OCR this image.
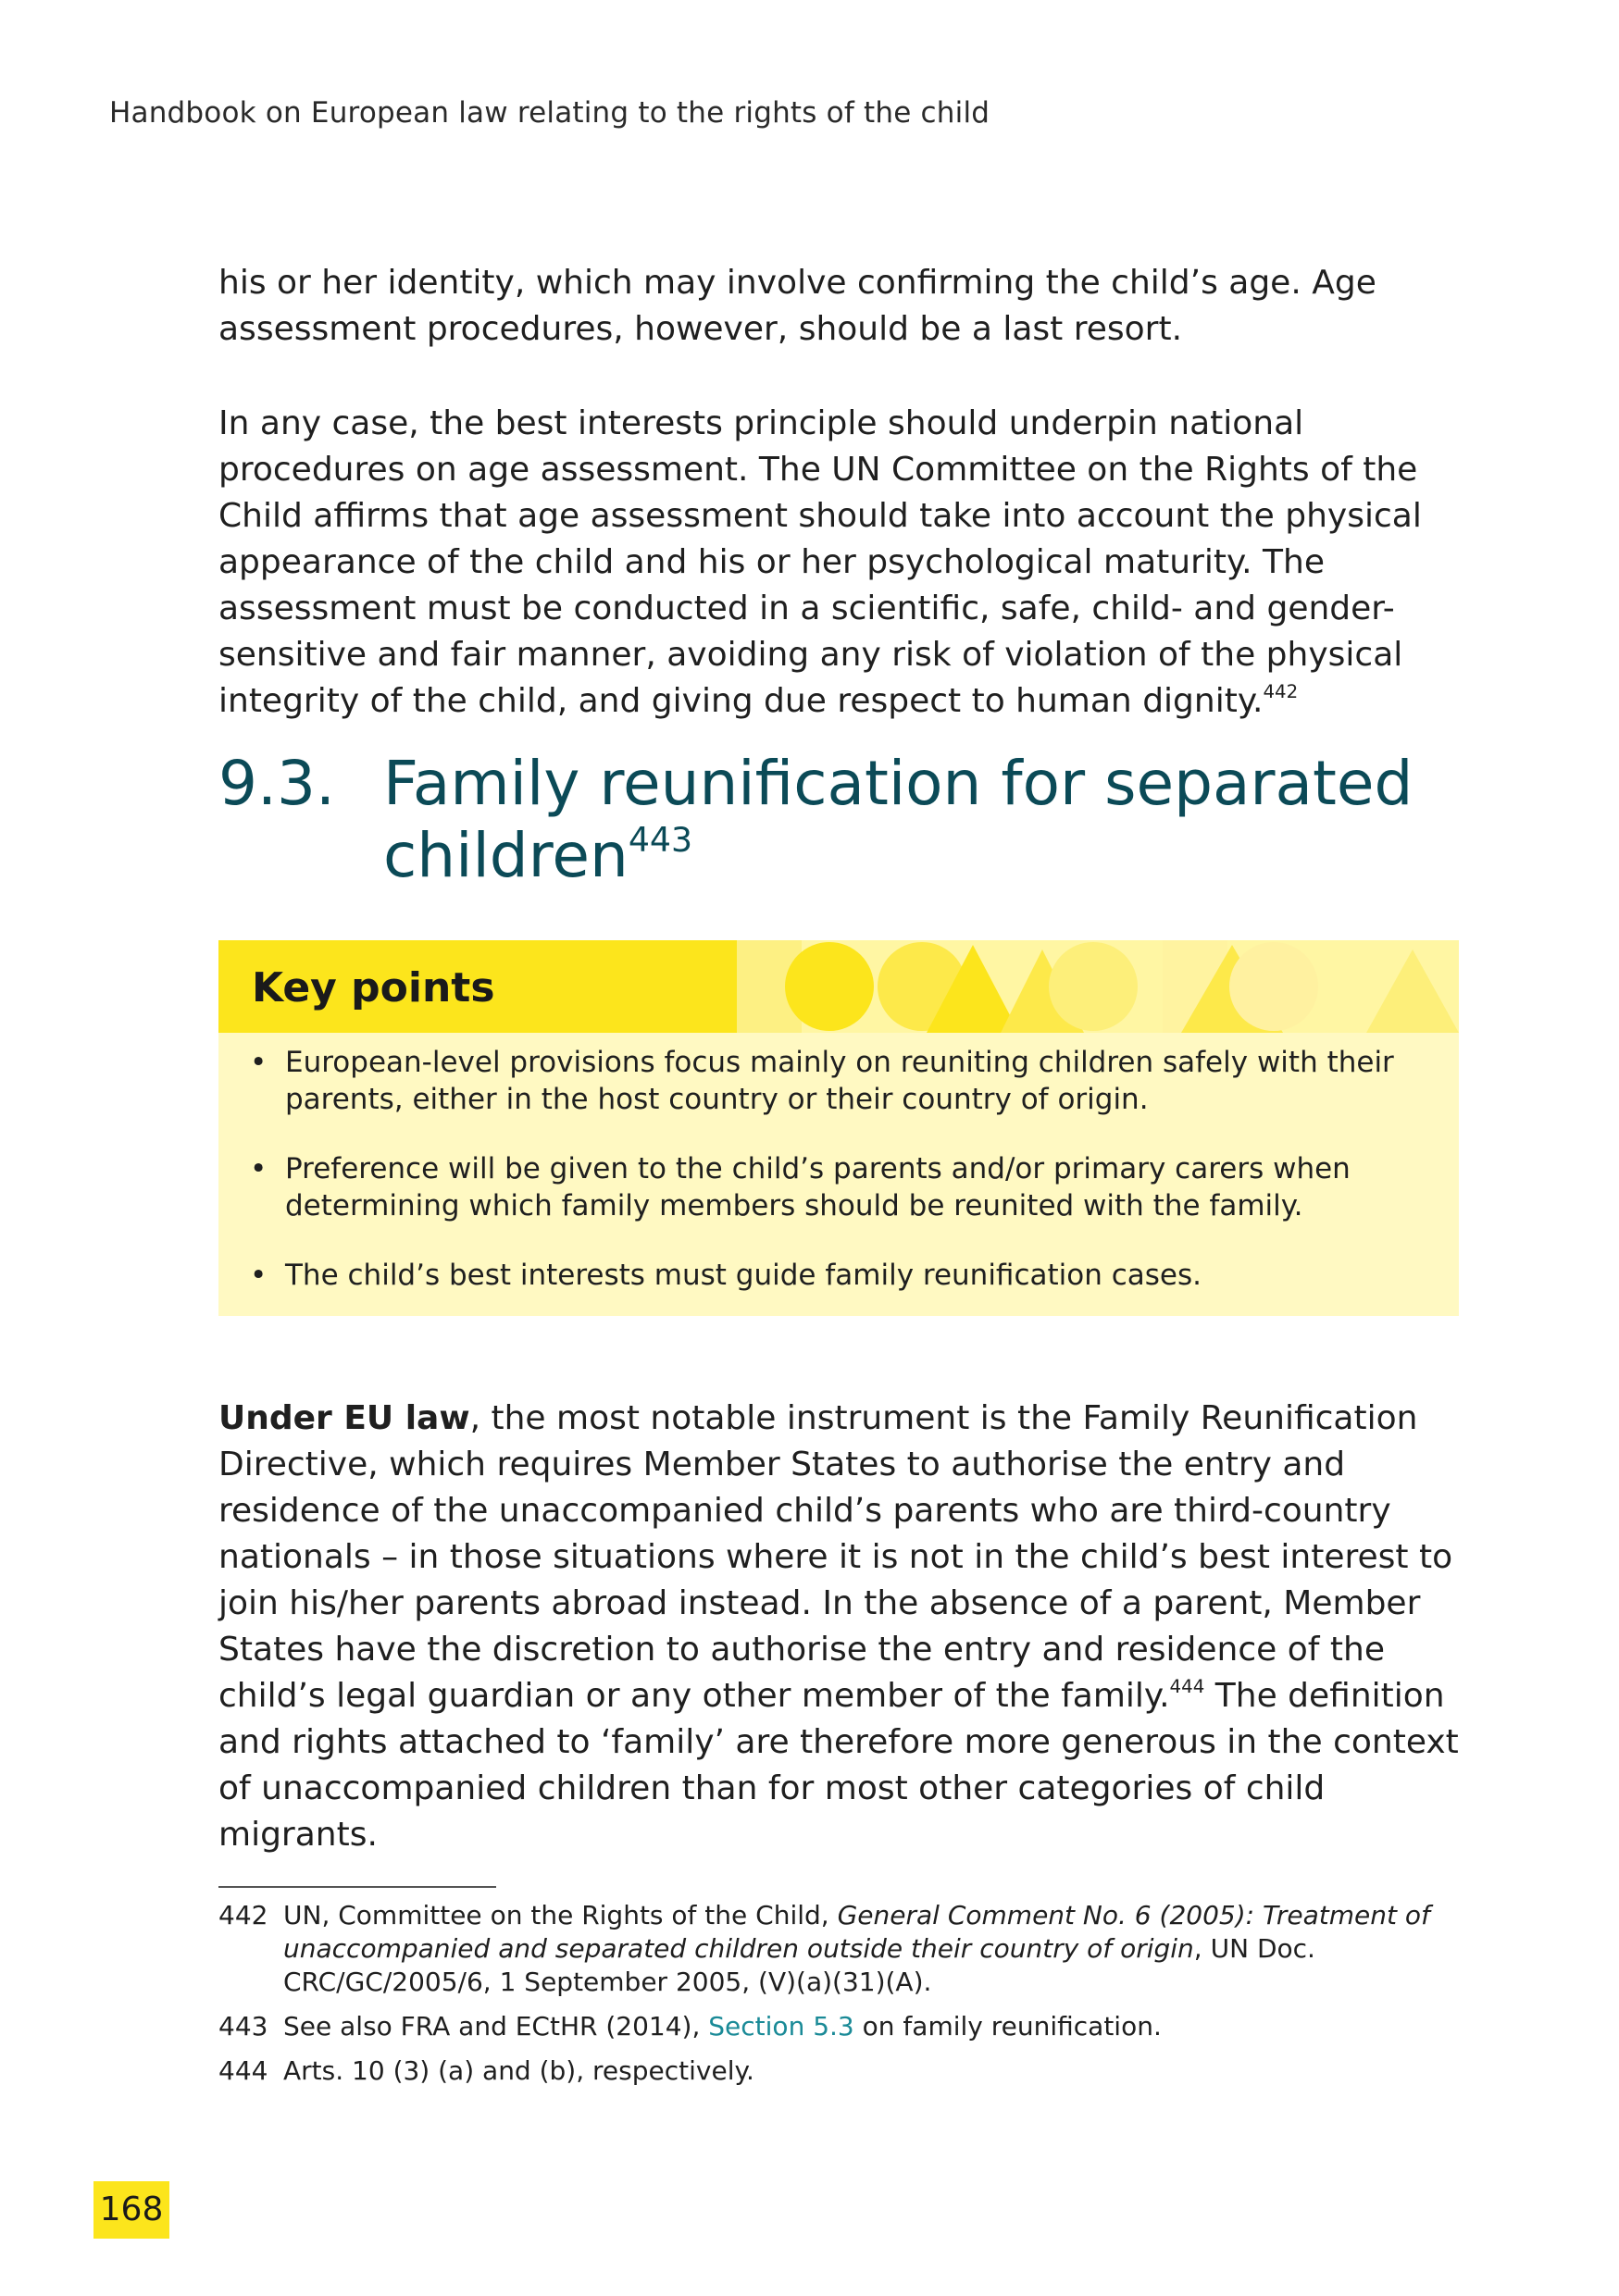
Handbook on European law relating to the rights of the child

his or her identity, which may involve confirming the child’s age. Age assessment procedures, however, should be a last resort.

In any case, the best interests principle should underpin national procedures on age assessment. The UN Committee on the Rights of the Child affirms that age assessment should take into account the physical appearance of the child and his or her psychological maturity. The assessment must be conducted in a scientific, safe, child- and gender-sensitive and fair manner, avoiding any risk of violation of the physical integrity of the child, and giving due respect to human dignity.$^{442}$

9.3. Family reunification for separated children$^{443}$
Key points
• European-level provisions focus mainly on reuniting children safely with their parents, either in the host country or their country of origin.
• Preference will be given to the child’s parents and/or primary carers when determining which family members should be reunited with the family.
• The child’s best interests must guide family reunification cases.

Under EU law, the most notable instrument is the Family Reunification Directive, which requires Member States to authorise the entry and residence of the unaccompanied child’s parents who are third-country nationals – in those situations where it is not in the child’s best interest to join his/her parents abroad instead. In the absence of a parent, Member States have the discretion to authorise the entry and residence of the child’s legal guardian or any other member of the family.$^{444}$ The definition and rights attached to ‘family’ are therefore more generous in the context of unaccompanied children than for most other categories of child migrants.

442 UN, Committee on the Rights of the Child, General Comment No. 6 (2005): Treatment of unaccompanied and separated children outside their country of origin, UN Doc. CRC/GC/2005/6, 1 September 2005, (V)(a)(31)(A).
443 See also FRA and ECtHR (2014), Section 5.3 on family reunification.
444 Arts. 10 (3) (a) and (b), respectively.
168
